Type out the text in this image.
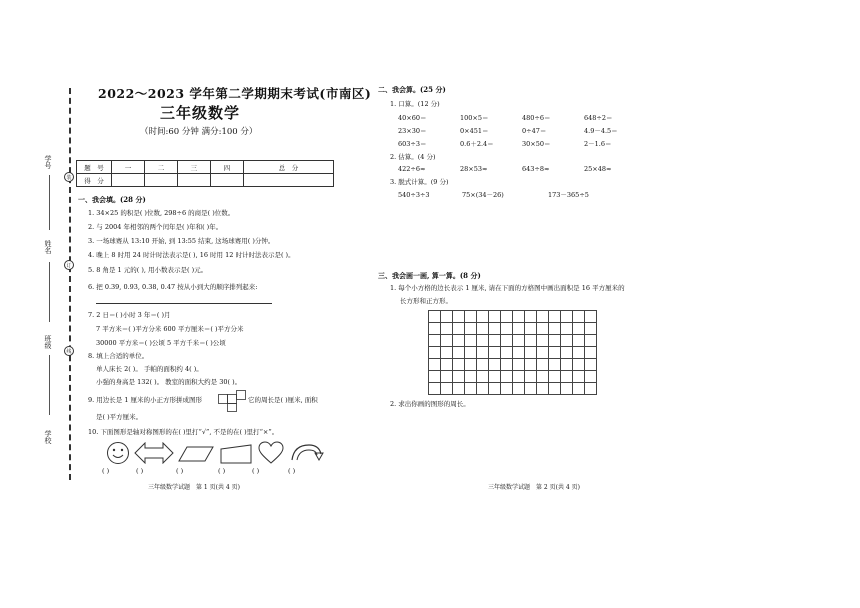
装
订
线
学号
姓名
班级
学校
2022～2023 学年第二学期期末考试(市南区)
三年级数学
（时间:60 分钟 满分:100 分）
题　号	一	二	三	四	总　分
得　分					
一、我会填。(28 分)
1. 34×25 的积是( )位数, 298÷6 的商是( )位数。
2. 与 2004 年相邻的两个闰年是( )年和( )年。
3. 一场球赛从 13:10 开始, 到 13:55 结束, 这场球赛用( )分钟。
4. 晚上 8 时用 24 时计时法表示是( ), 16 时用 12 时计时法表示是( )。
5. 8 角是 1 元的( ), 用小数表示是( )元。
6. 把 0.39, 0.93, 0.38, 0.47 按从小到大的顺序排列起来:
7. 2 日＝( )小时 3 年＝( )月
7 平方米＝( )平方分米 600 平方厘米＝( )平方分米
30000 平方米＝( )公顷 5 平方千米＝( )公顷
8. 填上合适的单位。
单人床长 2( )。 手帕的面积约 4( )。
小强的身高是 132( )。 教室的面积大约是 30( )。
9. 用边长是 1 厘米的小正方形拼成图形	它的周长是( )厘米, 面积
是( )平方厘米。
10. 下面图形是轴对称图形的在( )里打“√”, 不是的在( )里打“×”。
( )	( )	( )	( )	( )	( )
三年级数学试题　第 1 页(共 4 页)
二、我会算。(25 分)
1. 口算。(12 分)
40×60＝	100×5＝	480÷6＝	648÷2＝
23×30＝	0×451＝	0÷47＝	4.9－4.5＝
603÷3＝	0.6＋2.4＝	30×50＝	2－1.6＝
2. 估算。(4 分)
422÷6≈	28×53≈	643÷8≈	25×48≈
3. 脱式计算。(9 分)
540÷3÷3	75×(34－26)	173－365÷5
三、我会画一画, 算一算。(8 分)
1. 每个小方格的边长表示 1 厘米, 请在下面的方格图中画出面积是 16 平方厘米的
长方形和正方形。
2. 求出你画的图形的周长。
三年级数学试题　第 2 页(共 4 页)
